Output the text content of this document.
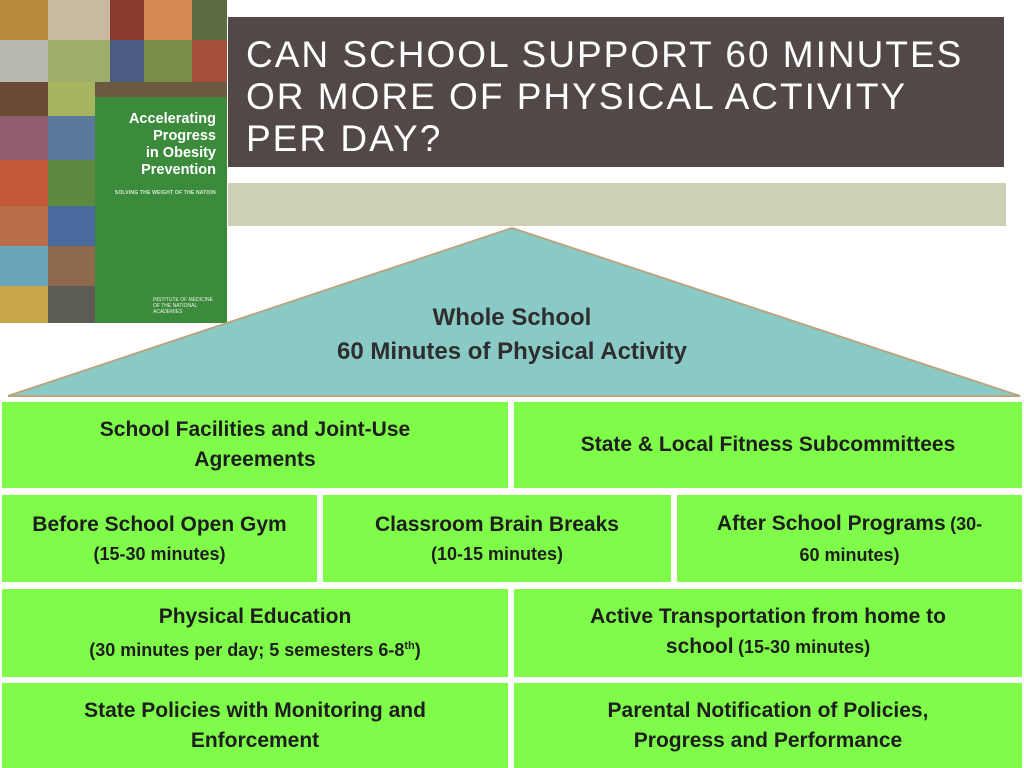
Accelerating
Progress
in Obesity
Prevention
SOLVING THE WEIGHT OF THE NATION
INSTITUTE OF MEDICINE
OF THE NATIONAL ACADEMIES
CAN SCHOOL SUPPORT 60 MINUTES OR MORE OF PHYSICAL ACTIVITY PER DAY?
Whole School
60 Minutes of Physical Activity
School Facilities and Joint-Use Agreements
State & Local Fitness Subcommittees
Before School Open Gym
(15-30 minutes)
Classroom Brain Breaks
(10-15 minutes)
After School Programs (30-
60 minutes)
Physical Education
(30 minutes per day; 5 semesters 6-8th)
Active Transportation from home to
school (15-30 minutes)
State Policies with Monitoring and Enforcement
Parental Notification of Policies, Progress and Performance
